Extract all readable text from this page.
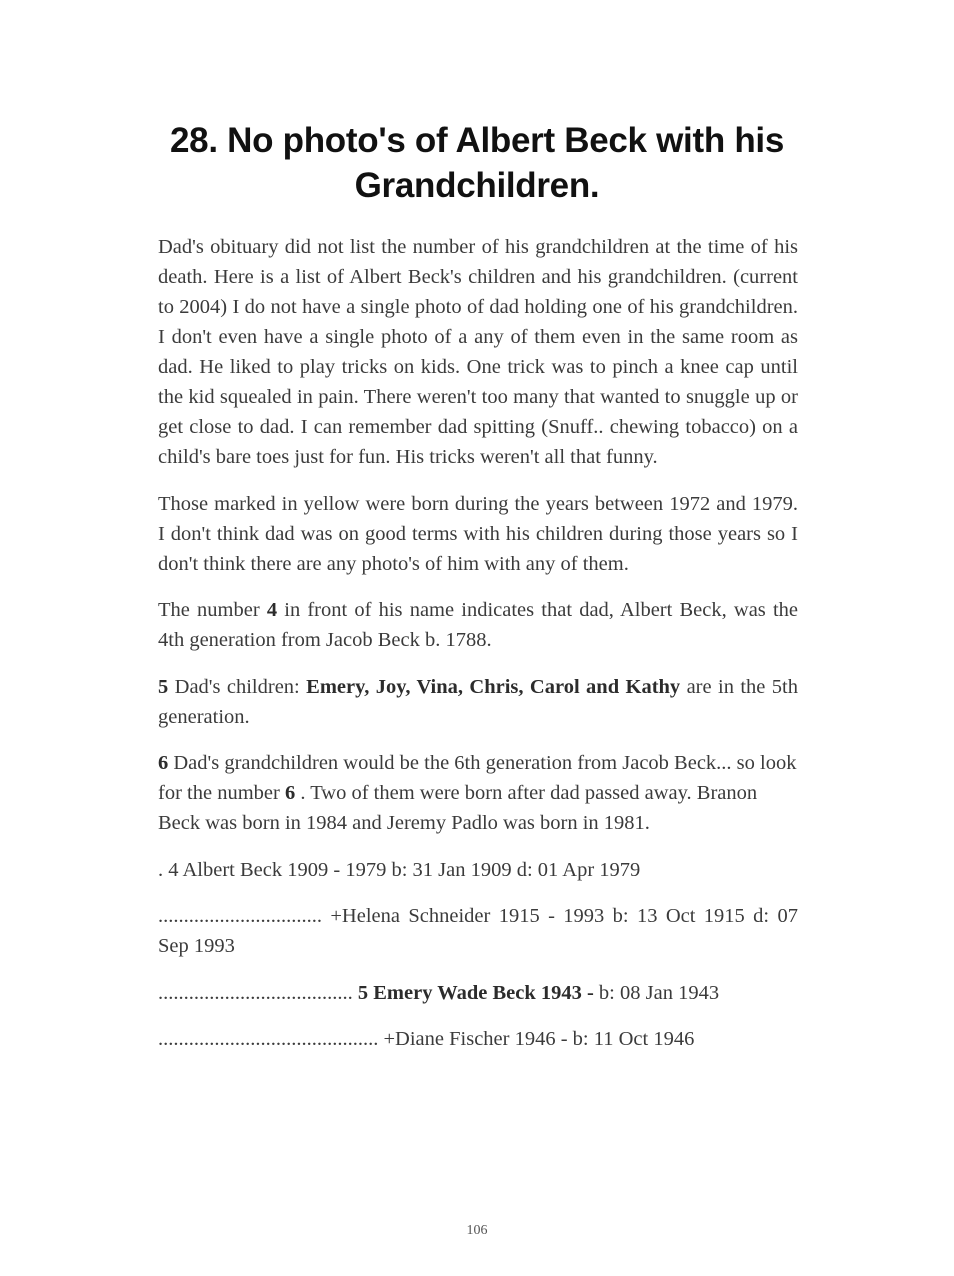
28. No photo's of Albert Beck with his Grandchildren.

Dad's obituary did not list the number of his grandchildren at the time of his death. Here is a list of Albert Beck's children and his grandchildren. (current to 2004) I do not have a single photo of dad holding one of his grandchildren. I don't even have a single photo of a any of them even in the same room as dad. He liked to play tricks on kids. One trick was to pinch a knee cap until the kid squealed in pain. There weren't too many that wanted to snuggle up or get close to dad. I can remember dad spitting (Snuff.. chewing tobacco) on a child's bare toes just for fun. His tricks weren't all that funny.

Those marked in yellow were born during the years between 1972 and 1979. I don't think dad was on good terms with his children during those years so I don't think there are any photo's of him with any of them.

The number 4 in front of his name indicates that dad, Albert Beck, was the 4th generation from Jacob Beck b. 1788.

5 Dad's children: Emery, Joy, Vina, Chris, Carol and Kathy are in the 5th generation.

6 Dad's grandchildren would be the 6th generation from Jacob Beck... so look for the number 6 . Two of them were born after dad passed away. Branon Beck was born in 1984 and Jeremy Padlo was born in 1981.

. 4 Albert Beck 1909 - 1979 b: 31 Jan 1909 d: 01 Apr 1979

................................ +Helena Schneider 1915 - 1993 b: 13 Oct 1915 d: 07 Sep 1993

...................................... 5 Emery Wade Beck 1943 - b: 08 Jan 1943

........................................... +Diane Fischer 1946 - b: 11 Oct 1946

106
